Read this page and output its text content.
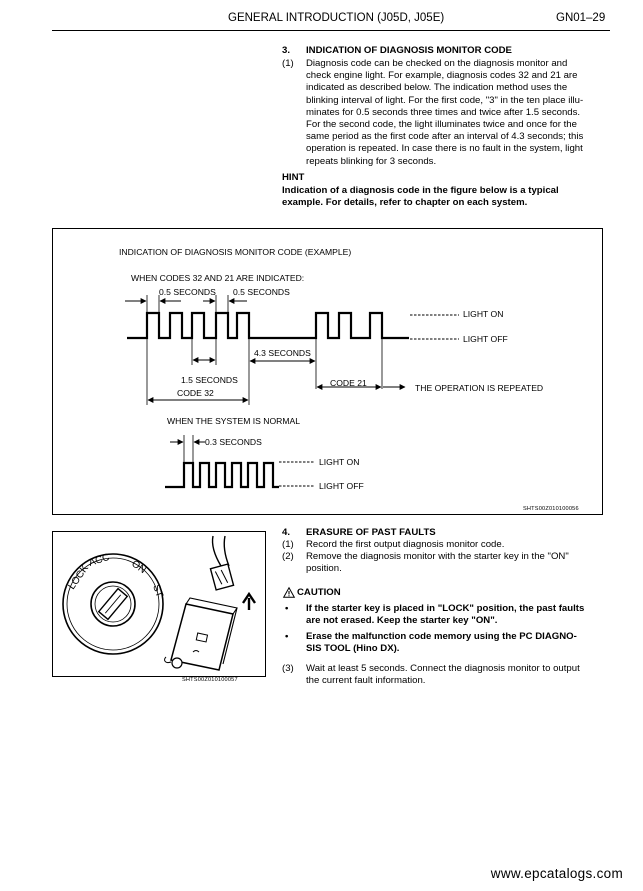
GENERAL INTRODUCTION (J05D, J05E)	GN01–29
3. INDICATION OF DIAGNOSIS MONITOR CODE
(1) Diagnosis code can be checked on the diagnosis monitor and
check engine light. For example, diagnosis codes 32 and 21 are
indicated as described below. The indication method uses the
blinking interval of light. For the first code, "3" in the ten place illu-
minates for 0.5 seconds three times and twice after 1.5 seconds.
For the second code, the light illuminates twice and once for the
same period as the first code after an interval of 4.3 seconds; this
operation is repeated. In case there is no fault in the system, light
repeats blinking for 3 seconds.
HINT
Indication of a diagnosis code in the figure below is a typical
example. For details, refer to chapter on each system.
INDICATION OF DIAGNOSIS MONITOR CODE (EXAMPLE)
WHEN CODES 32 AND 21 ARE INDICATED:
0.5 SECONDS 0.5 SECONDS
LIGHT ON
LIGHT OFF
4.3 SECONDS
1.5 SECONDS	CODE 21	THE OPERATION IS REPEATED
CODE 32
WHEN THE SYSTEM IS NORMAL
0.3 SECONDS
LIGHT ON
LIGHT OFF
SHTS00Z010100056
LOCK
ACC ON
ST
SHTS00Z010100057
4. ERASURE OF PAST FAULTS
(1) Record the first output diagnosis monitor code.
(2) Remove the diagnosis monitor with the starter key in the "ON"
position.
CAUTION
• If the starter key is placed in "LOCK" position, the past faults
are not erased. Keep the starter key "ON".
• Erase the malfunction code memory using the PC DIAGNO-
SIS TOOL (Hino DX).
(3) Wait at least 5 seconds. Connect the diagnosis monitor to output
the current fault information.
www.epcatalogs.com
